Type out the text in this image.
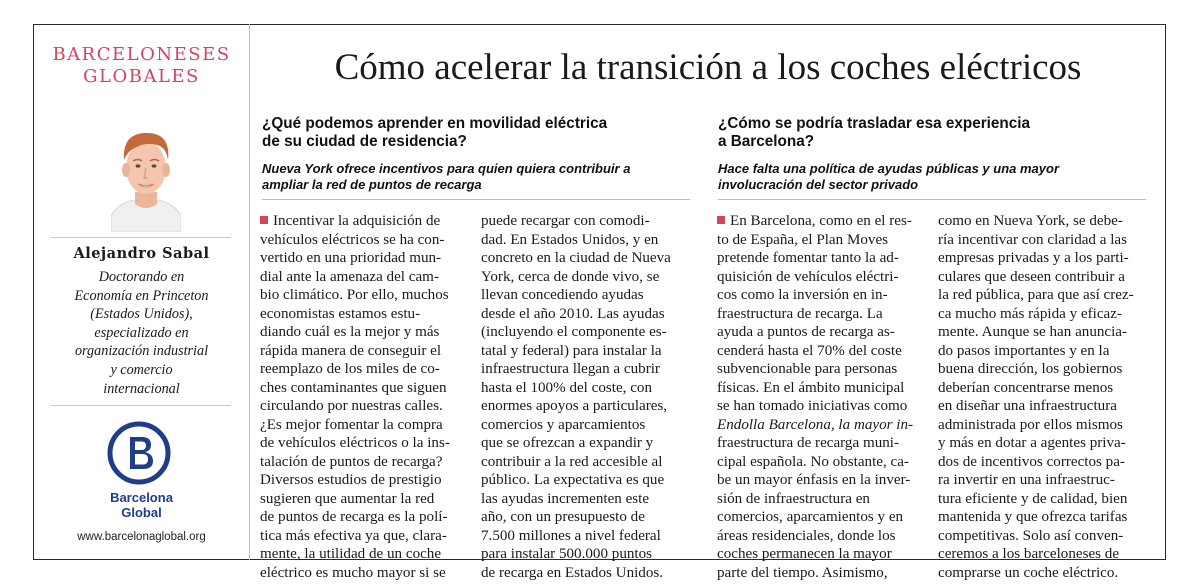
BARCELONESES
GLOBALES
Alejandro Sabal
Doctorando en
Economía en Princeton
(Estados Unidos),
especializado en
organización industrial
y comercio
internacional
Barcelona
Global
www.barcelonaglobal.org
Cómo acelerar la transición a los coches eléctricos
¿Qué podemos aprender en movilidad eléctrica
de su ciudad de residencia?
Nueva York ofrece incentivos para quien quiera contribuir a
ampliar la red de puntos de recarga
Incentivar la adquisición de
vehículos eléctricos se ha con-
vertido en una prioridad mun-
dial ante la amenaza del cam-
bio climático. Por ello, muchos
economistas estamos estu-
diando cuál es la mejor y más
rápida manera de conseguir el
reemplazo de los miles de co-
ches contaminantes que siguen
circulando por nuestras calles.
¿Es mejor fomentar la compra
de vehículos eléctricos o la ins-
talación de puntos de recarga?
Diversos estudios de prestigio
sugieren que aumentar la red
de puntos de recarga es la polí-
tica más efectiva ya que, clara-
mente, la utilidad de un coche
eléctrico es mucho mayor si se
puede recargar con comodi-
dad. En Estados Unidos, y en
concreto en la ciudad de Nueva
York, cerca de donde vivo, se
llevan concediendo ayudas
desde el año 2010. Las ayudas
(incluyendo el componente es-
tatal y federal) para instalar la
infraestructura llegan a cubrir
hasta el 100% del coste, con
enormes apoyos a particulares,
comercios y aparcamientos
que se ofrezcan a expandir y
contribuir a la red accesible al
público. La expectativa es que
las ayudas incrementen este
año, con un presupuesto de
7.500 millones a nivel federal
para instalar 500.000 puntos
de recarga en Estados Unidos.
¿Cómo se podría trasladar esa experiencia
a Barcelona?
Hace falta una política de ayudas públicas y una mayor
involucración del sector privado
En Barcelona, como en el res-
to de España, el Plan Moves
pretende fomentar tanto la ad-
quisición de vehículos eléctri-
cos como la inversión en in-
fraestructura de recarga. La
ayuda a puntos de recarga as-
cenderá hasta el 70% del coste
subvencionable para personas
físicas. En el ámbito municipal
se han tomado iniciativas como
Endolla Barcelona, la mayor in-
fraestructura de recarga muni-
cipal española. No obstante, ca-
be un mayor énfasis en la inver-
sión de infraestructura en
comercios, aparcamientos y en
áreas residenciales, donde los
coches permanecen la mayor
parte del tiempo. Asimismo,
como en Nueva York, se debe-
ría incentivar con claridad a las
empresas privadas y a los parti-
culares que deseen contribuir a
la red pública, para que así crez-
ca mucho más rápida y eficaz-
mente. Aunque se han anuncia-
do pasos importantes y en la
buena dirección, los gobiernos
deberían concentrarse menos
en diseñar una infraestructura
administrada por ellos mismos
y más en dotar a agentes priva-
dos de incentivos correctos pa-
ra invertir en una infraestruc-
tura eficiente y de calidad, bien
mantenida y que ofrezca tarifas
competitivas. Solo así conven-
ceremos a los barceloneses de
comprarse un coche eléctrico.
